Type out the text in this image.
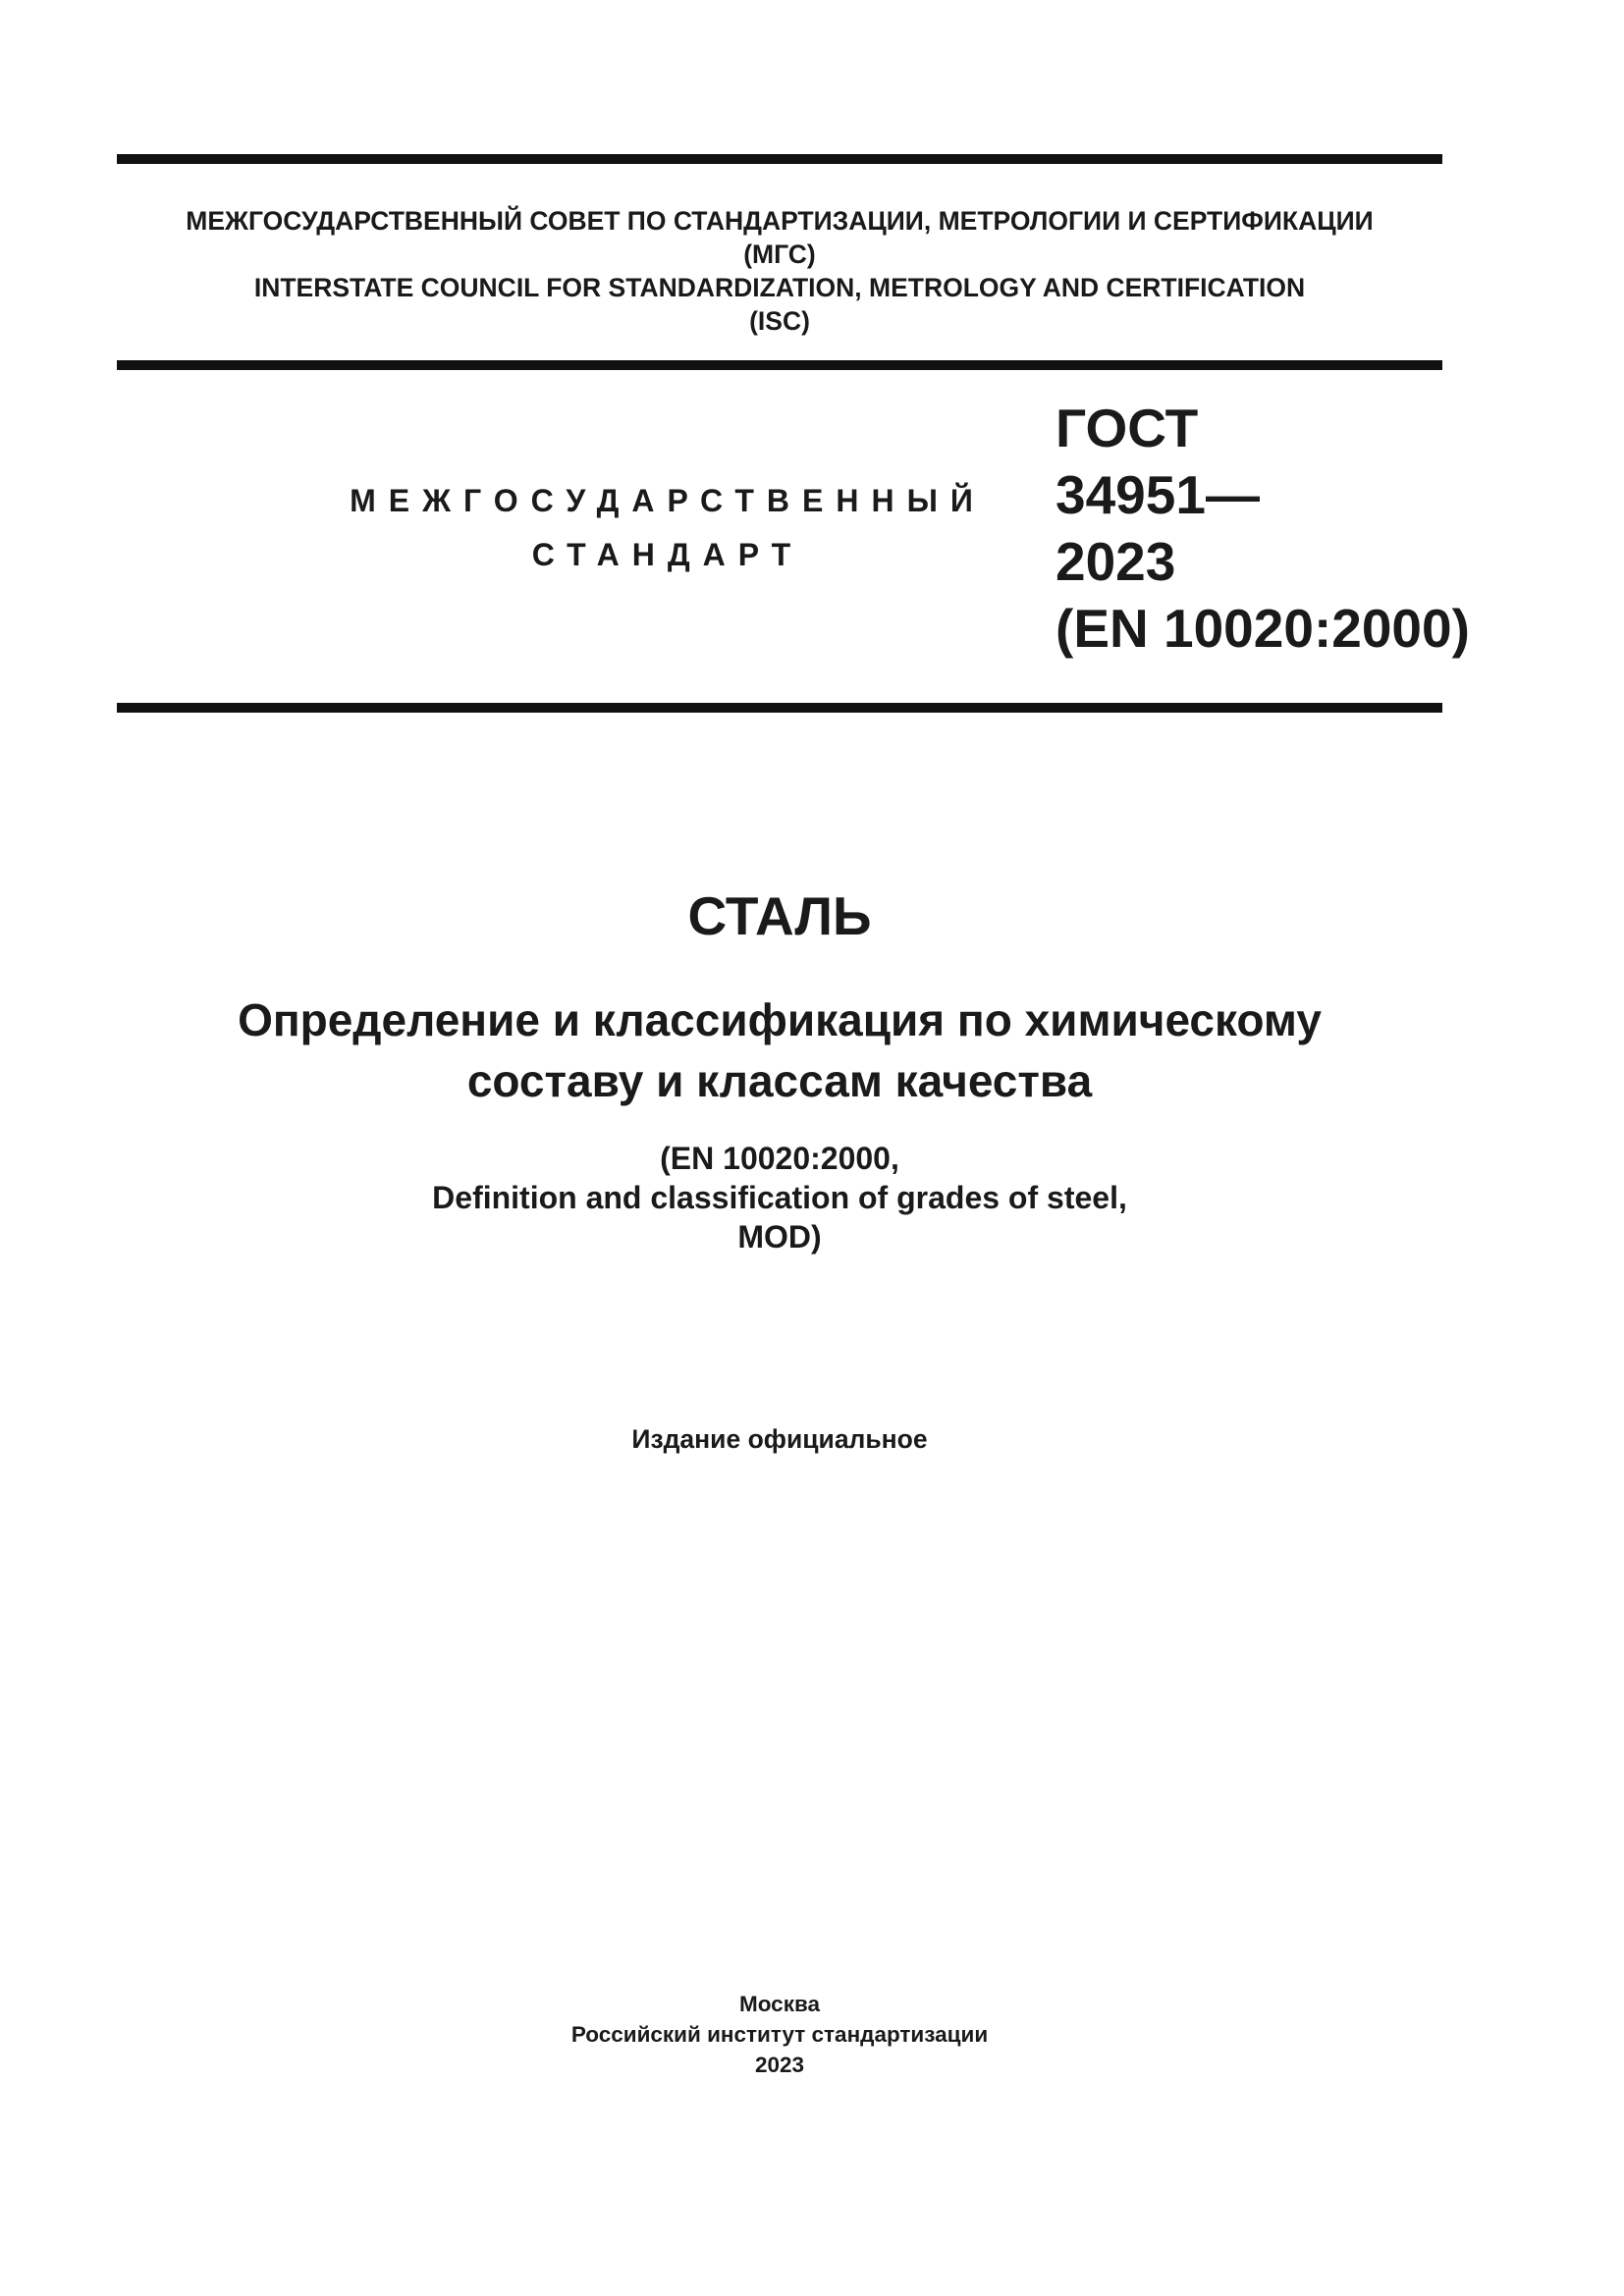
МЕЖГОСУДАРСТВЕННЫЙ СОВЕТ ПО СТАНДАРТИЗАЦИИ, МЕТРОЛОГИИ И СЕРТИФИКАЦИИ
(МГС)
INTERSTATE COUNCIL FOR STANDARDIZATION, METROLOGY AND CERTIFICATION
(ISC)
МЕЖГОСУДАРСТВЕННЫЙ
СТАНДАРТ
ГОСТ
34951—
2023
(EN 10020:2000)
СТАЛЬ
Определение и классификация по химическому
составу и классам качества
(EN 10020:2000,
Definition and classification of grades of steel,
MOD)
Издание официальное
Москва
Российский институт стандартизации
2023
